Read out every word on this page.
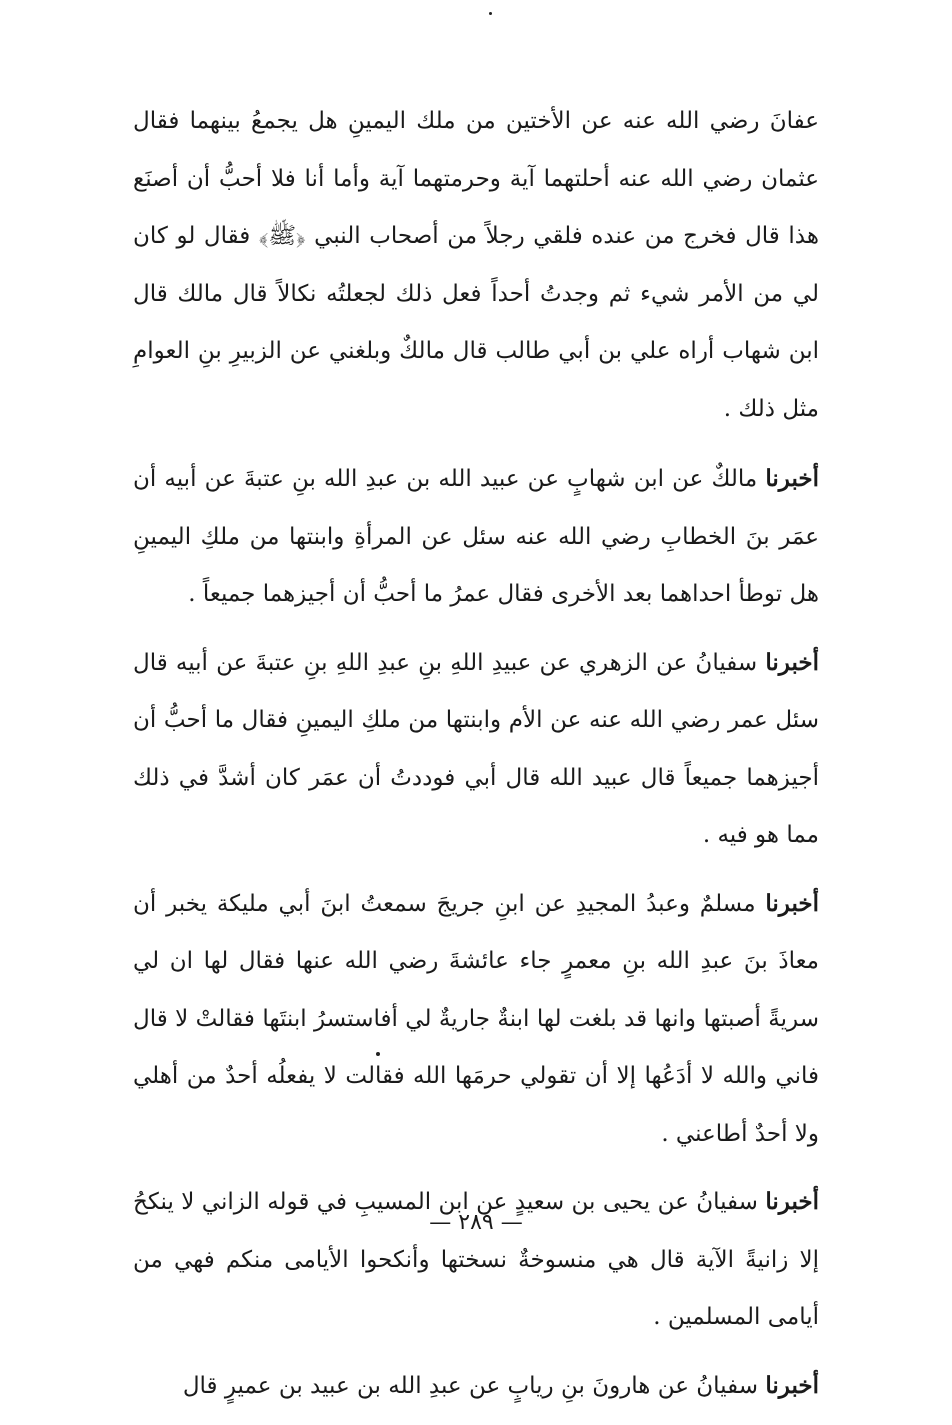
عفانَ رضي الله عنه عن الأختين من ملك اليمينِ هل يجمعُ بينهما فقال عثمان رضي الله عنه أحلتهما آية وحرمتهما آية وأما أنا فلا أحبُّ أن أصنَع هذا قال فخرج من عنده فلقي رجلاً من أصحاب النبي ﴿ﷺ﴾ فقال لو كان لي من الأمر شيء ثم وجدتُ أحداً فعل ذلك لجعلتُه نكالاً قال مالك قال ابن شهاب أراه علي بن أبي طالب قال مالكٌ وبلغني عن الزبيرِ بنِ العوامِ مثل ذلك .

أخبرنا مالكٌ عن ابن شهابٍ عن عبيد الله بن عبدِ الله بنِ عتبةَ عن أبيه أن عمَر بنَ الخطابِ رضي الله عنه سئل عن المرأةِ وابنتها من ملكِ اليمينِ هل توطأ احداهما بعد الأخرى فقال عمرُ ما أحبُّ أن أجيزهما جميعاً .

أخبرنا سفيانُ عن الزهري عن عبيدِ اللهِ بنِ عبدِ اللهِ بنِ عتبةَ عن أبيه قال سئل عمر رضي الله عنه عن الأم وابنتها من ملكِ اليمينِ فقال ما أحبُّ أن أجيزهما جميعاً قال عبيد الله قال أبي فوددتُ أن عمَر كان أشدَّ في ذلك مما هو فيه .

أخبرنا مسلمٌ وعبدُ المجيدِ عن ابنِ جريجَ سمعتُ ابنَ أبي مليكة يخبر أن معاذَ بنَ عبدِ الله بنِ معمرٍ جاء عائشةَ رضي الله عنها فقال لها ان لي سريةً أصبتها وانها قد بلغت لها ابنةٌ جاريةٌ لي أفاستسرُ ابنتَها فقالتْ لا قال فاني والله لا أدَعُها إلا أن تقولي حرمَها الله فقالت لا يفعلُه أحدٌ من أهلي ولا أحدٌ أطاعني .

أخبرنا سفيانُ عن يحيى بن سعيدٍ عن ابن المسيبِ في قوله الزاني لا ينكحُ إلا زانيةً الآية قال هي منسوخةٌ نسختها وأنكحوا الأيامى منكم فهي من أيامى المسلمين .

أخبرنا سفيانُ عن هارونَ بنِ ريابٍ عن عبدِ الله بن عبيد بن عميرٍ قال

— ٢٨٩ —
